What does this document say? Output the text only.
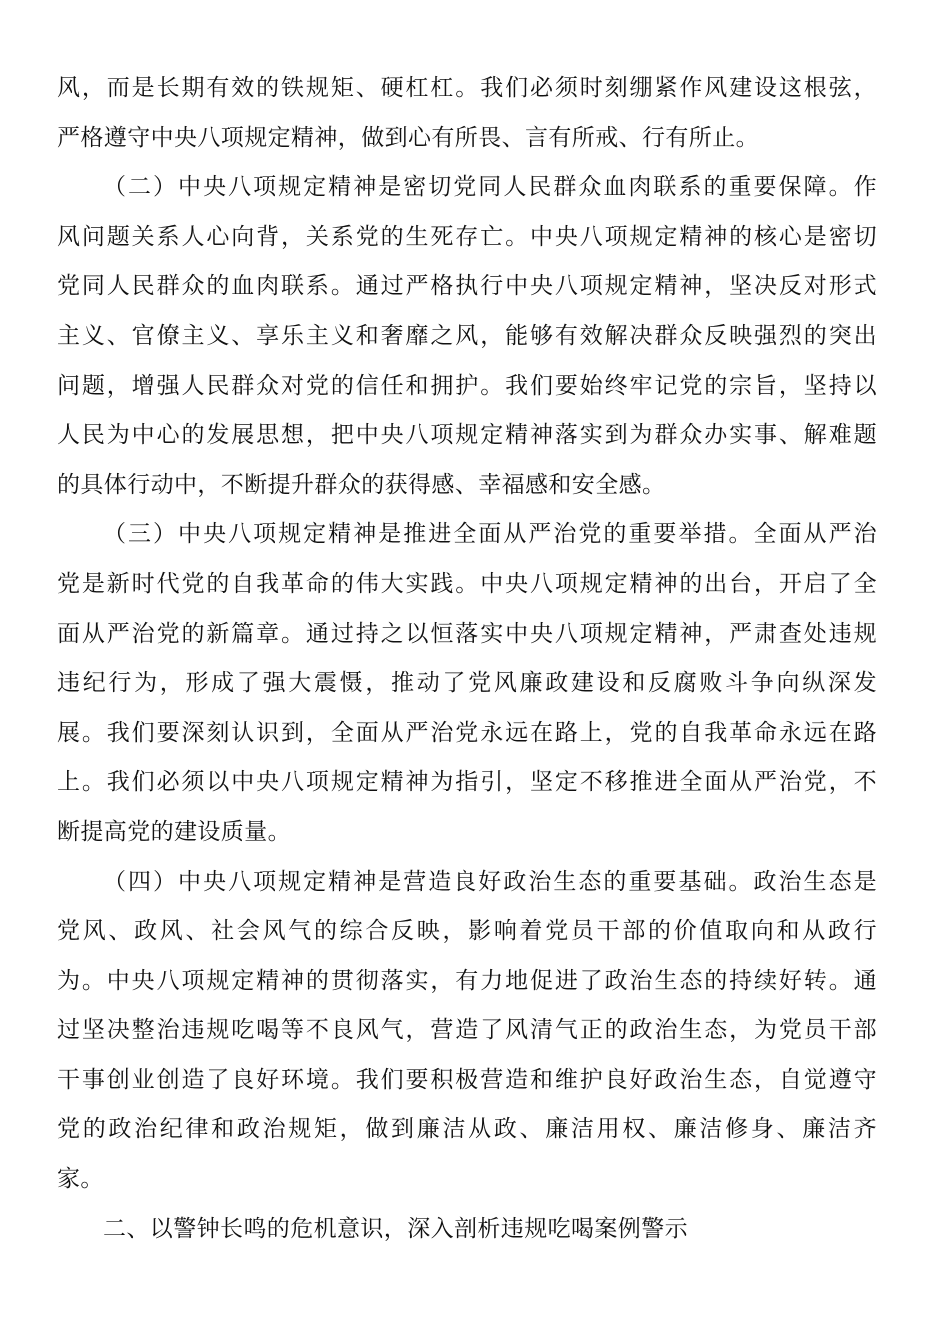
风，而是长期有效的铁规矩、硬杠杠。我们必须时刻绷紧作风建设这根弦，
严格遵守中央八项规定精神，做到心有所畏、言有所戒、行有所止。

（二）中央八项规定精神是密切党同人民群众血肉联系的重要保障。作
风问题关系人心向背，关系党的生死存亡。中央八项规定精神的核心是密切
党同人民群众的血肉联系。通过严格执行中央八项规定精神，坚决反对形式
主义、官僚主义、享乐主义和奢靡之风，能够有效解决群众反映强烈的突出
问题，增强人民群众对党的信任和拥护。我们要始终牢记党的宗旨，坚持以
人民为中心的发展思想，把中央八项规定精神落实到为群众办实事、解难题
的具体行动中，不断提升群众的获得感、幸福感和安全感。

（三）中央八项规定精神是推进全面从严治党的重要举措。全面从严治
党是新时代党的自我革命的伟大实践。中央八项规定精神的出台，开启了全
面从严治党的新篇章。通过持之以恒落实中央八项规定精神，严肃查处违规
违纪行为，形成了强大震慑，推动了党风廉政建设和反腐败斗争向纵深发
展。我们要深刻认识到，全面从严治党永远在路上，党的自我革命永远在路
上。我们必须以中央八项规定精神为指引，坚定不移推进全面从严治党，不
断提高党的建设质量。

（四）中央八项规定精神是营造良好政治生态的重要基础。政治生态是
党风、政风、社会风气的综合反映，影响着党员干部的价值取向和从政行
为。中央八项规定精神的贯彻落实，有力地促进了政治生态的持续好转。通
过坚决整治违规吃喝等不良风气，营造了风清气正的政治生态，为党员干部
干事创业创造了良好环境。我们要积极营造和维护良好政治生态，自觉遵守
党的政治纪律和政治规矩，做到廉洁从政、廉洁用权、廉洁修身、廉洁齐
家。

二、以警钟长鸣的危机意识，深入剖析违规吃喝案例警示
